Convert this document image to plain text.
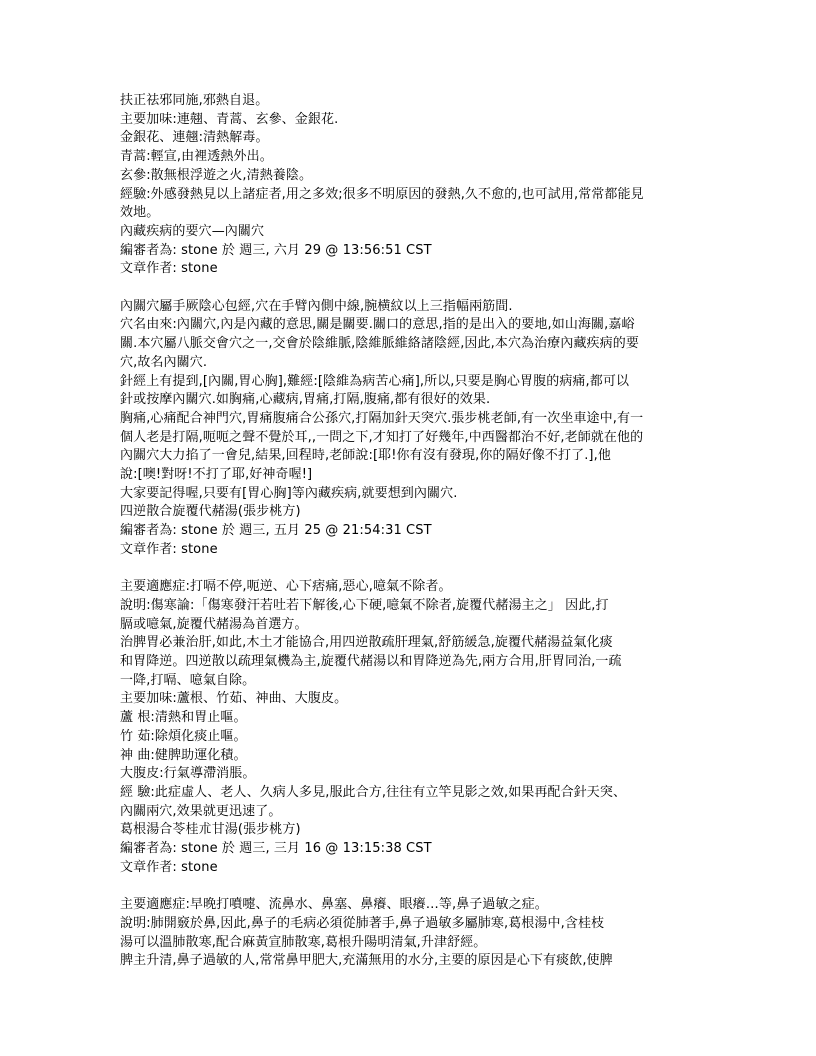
扶正祛邪同施,邪熱自退。
主要加味:連翹、青蒿、玄參、金銀花.
金銀花、連翹:清熱解毒。
青蒿:輕宣,由裡透熱外出。
玄參:散無根浮遊之火,清熱養陰。
經驗:外感發熱見以上諸症者,用之多效;很多不明原因的發熱,久不愈的,也可試用,常常都能見
效地。
內藏疾病的要穴—內關穴
編審者為: stone 於 週三, 六月 29 @ 13:56:51 CST
文章作者: stone
內關穴屬手厥陰心包經,穴在手臂內側中線,腕横紋以上三指幅兩筋間.
穴名由來:內關穴,內是內藏的意思,關是關要.關口的意思,指的是出入的要地,如山海關,嘉峪
關.本穴屬八脈交會穴之一,交會於陰維脈,陰維脈維絡諸陰經,因此,本穴為治療內藏疾病的要
穴,故名內關穴.
針經上有提到,[內關,胃心胸],難經:[陰維為病苦心痛],所以,只要是胸心胃腹的病痛,都可以
針或按摩內關穴.如胸痛,心藏病,胃痛,打隔,腹痛,都有很好的效果.
胸痛,心痛配合神門穴,胃痛腹痛合公孫穴,打隔加針天突穴.張步桃老師,有一次坐車途中,有一
個人老是打隔,呃呃之聲不覺於耳,,一問之下,才知打了好幾年,中西醫都治不好,老師就在他的
內關穴大力掐了一會兒,結果,回程時,老師說:[耶!你有沒有發現,你的隔好像不打了.],他
說:[噢!對呀!不打了耶,好神奇喔!]
大家要記得喔,只要有[胃心胸]等內藏疾病,就要想到內關穴.
四逆散合旋覆代赭湯(張步桃方)
編審者為: stone 於 週三, 五月 25 @ 21:54:31 CST
文章作者: stone
主要適應症:打嗝不停,呃逆、心下痞痛,惡心,噫氣不除者。
說明:傷寒論:「傷寒發汗若吐若下解後,心下硬,噫氣不除者,旋覆代赭湯主之」 因此,打
膈或噫氣,旋覆代赭湯為首選方。
治脾胃必兼治肝,如此,木土才能協合,用四逆散疏肝理氣,舒筋緩急,旋覆代赭湯益氣化痰
和胃降逆。四逆散以疏理氣機為主,旋覆代赭湯以和胃降逆為先,兩方合用,肝胃同治,一疏
一降,打嗝、噫氣自除。
主要加味:蘆根、竹茹、神曲、大腹皮。
蘆 根:清熱和胃止嘔。
竹 茹:除煩化痰止嘔。
神 曲:健脾助運化積。
大腹皮:行氣導滯消脹。
經 驗:此症虛人、老人、久病人多見,服此合方,往往有立竿見影之效,如果再配合針天突、
內關兩穴,效果就更迅速了。
葛根湯合苓桂朮甘湯(張步桃方)
編審者為: stone 於 週三, 三月 16 @ 13:15:38 CST
文章作者: stone
主要適應症:早晚打噴嚏、流鼻水、鼻塞、鼻癢、眼癢…等,鼻子過敏之症。
說明:肺開竅於鼻,因此,鼻子的毛病必須從肺著手,鼻子過敏多屬肺寒,葛根湯中,含桂枝
湯可以溫肺散寒,配合麻黃宣肺散寒,葛根升陽明清氣,升津舒經。
脾主升清,鼻子過敏的人,常常鼻甲肥大,充滿無用的水分,主要的原因是心下有痰飲,使脾
